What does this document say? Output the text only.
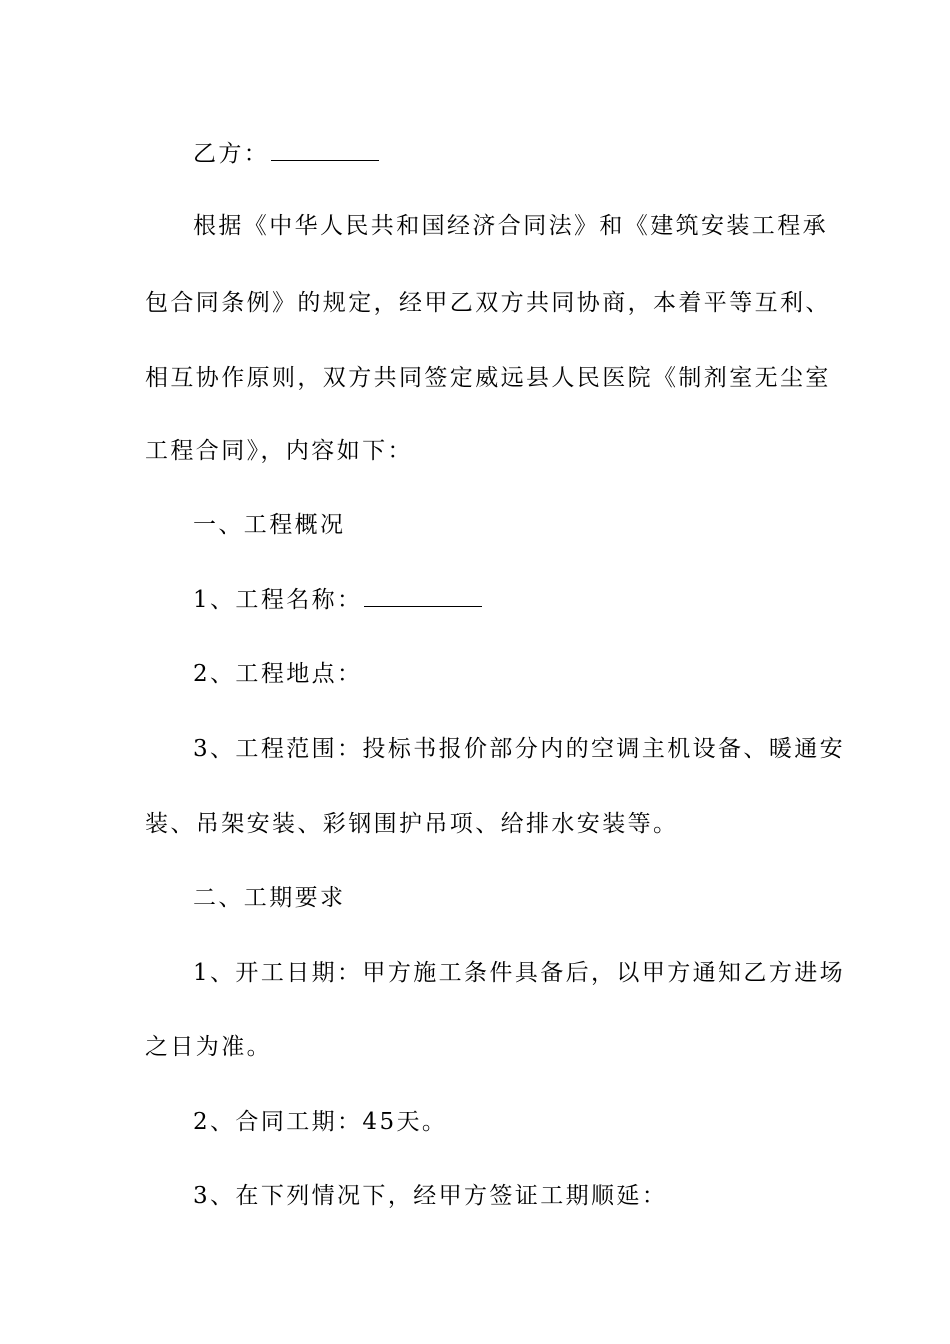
乙方：
根据《中华人民共和国经济合同法》和《建筑安装工程承
包合同条例》的规定，经甲乙双方共同协商，本着平等互利、
相互协作原则，双方共同签定威远县人民医院《制剂室无尘室
工程合同》，内容如下：
一、工程概况
1、工程名称：
2、工程地点：
3、工程范围：投标书报价部分内的空调主机设备、暖通安
装、吊架安装、彩钢围护吊项、给排水安装等。
二、工期要求
1、开工日期：甲方施工条件具备后，以甲方通知乙方进场
之日为准。
2、合同工期：45天。
3、在下列情况下，经甲方签证工期顺延：
